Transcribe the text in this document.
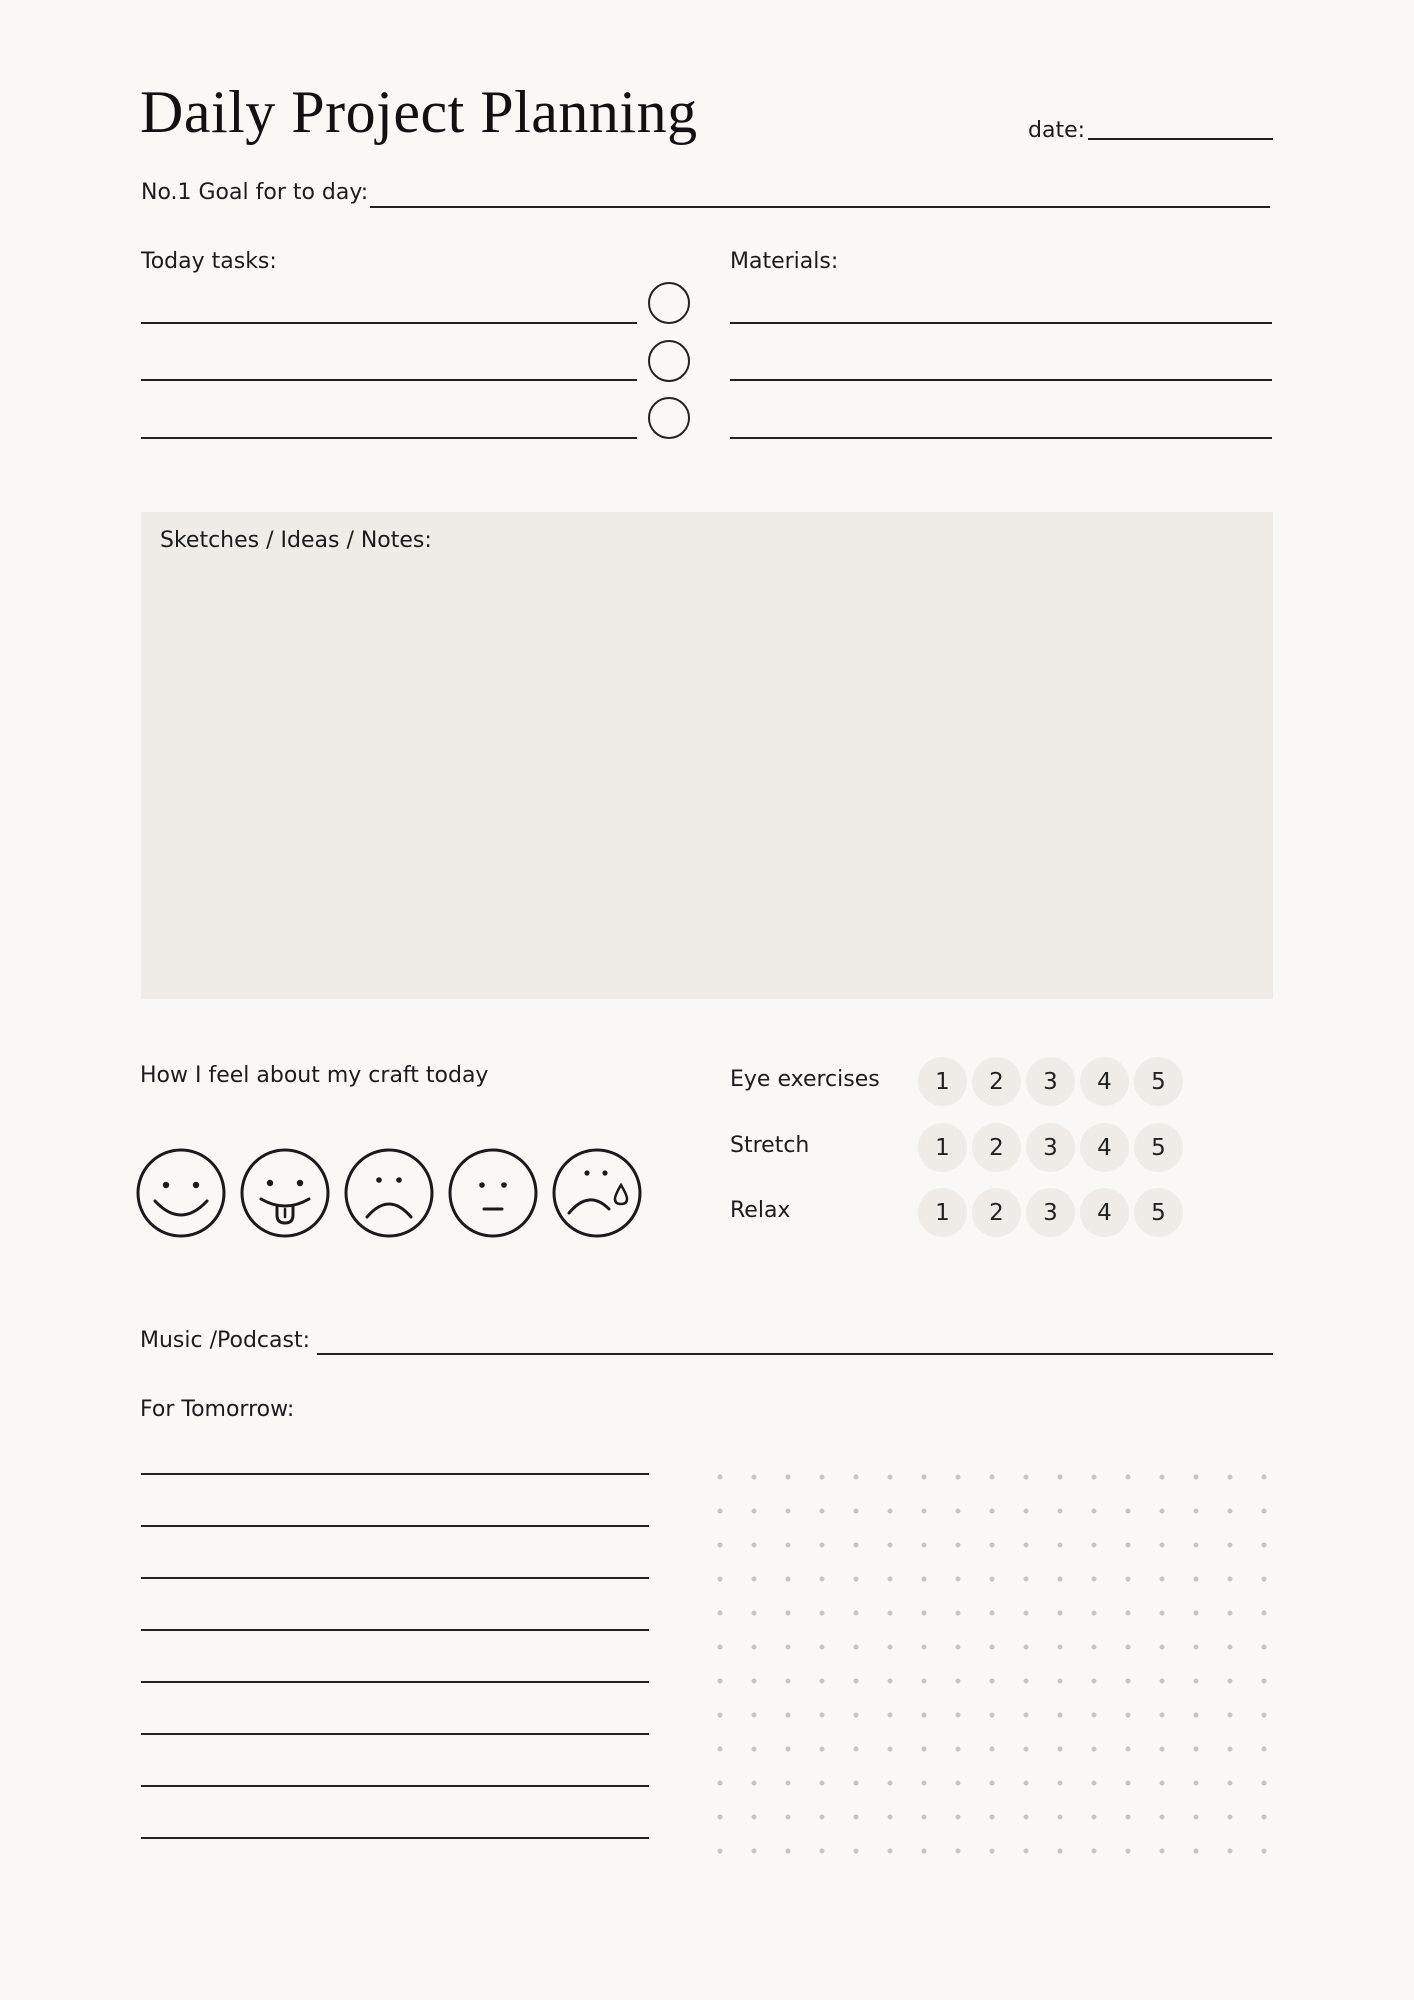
Daily Project Planning	date:
No.1 Goal for to day:
Today tasks:	Materials:
Sketches / Ideas / Notes:
How I feel about my craft today	Eye exercises	1	2	3	4	5
Stretch	1	2	3	4	5
Relax	1	2	3	4	5
Music /Podcast:
For Tomorrow:
